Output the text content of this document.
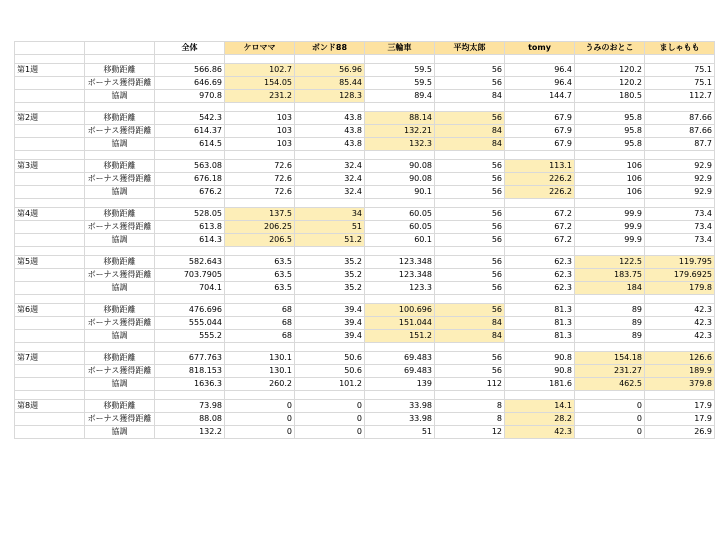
		全体	ケロママ	ボンド88	三輪車	平均太郎	tomy	うみのおとこ	ましゃもも

第1週	移動距離	566.86	102.7	56.96	59.5	56	96.4	120.2	75.1
	ボーナス獲得距離	646.69	154.05	85.44	59.5	56	96.4	120.2	75.1
	協調	970.8	231.2	128.3	89.4	84	144.7	180.5	112.7

第2週	移動距離	542.3	103	43.8	88.14	56	67.9	95.8	87.66
	ボーナス獲得距離	614.37	103	43.8	132.21	84	67.9	95.8	87.66
	協調	614.5	103	43.8	132.3	84	67.9	95.8	87.7

第3週	移動距離	563.08	72.6	32.4	90.08	56	113.1	106	92.9
	ボーナス獲得距離	676.18	72.6	32.4	90.08	56	226.2	106	92.9
	協調	676.2	72.6	32.4	90.1	56	226.2	106	92.9

第4週	移動距離	528.05	137.5	34	60.05	56	67.2	99.9	73.4
	ボーナス獲得距離	613.8	206.25	51	60.05	56	67.2	99.9	73.4
	協調	614.3	206.5	51.2	60.1	56	67.2	99.9	73.4

第5週	移動距離	582.643	63.5	35.2	123.348	56	62.3	122.5	119.795
	ボーナス獲得距離	703.7905	63.5	35.2	123.348	56	62.3	183.75	179.6925
	協調	704.1	63.5	35.2	123.3	56	62.3	184	179.8

第6週	移動距離	476.696	68	39.4	100.696	56	81.3	89	42.3
	ボーナス獲得距離	555.044	68	39.4	151.044	84	81.3	89	42.3
	協調	555.2	68	39.4	151.2	84	81.3	89	42.3

第7週	移動距離	677.763	130.1	50.6	69.483	56	90.8	154.18	126.6
	ボーナス獲得距離	818.153	130.1	50.6	69.483	56	90.8	231.27	189.9
	協調	1636.3	260.2	101.2	139	112	181.6	462.5	379.8

第8週	移動距離	73.98	0	0	33.98	8	14.1	0	17.9
	ボーナス獲得距離	88.08	0	0	33.98	8	28.2	0	17.9
	協調	132.2	0	0	51	12	42.3	0	26.9
